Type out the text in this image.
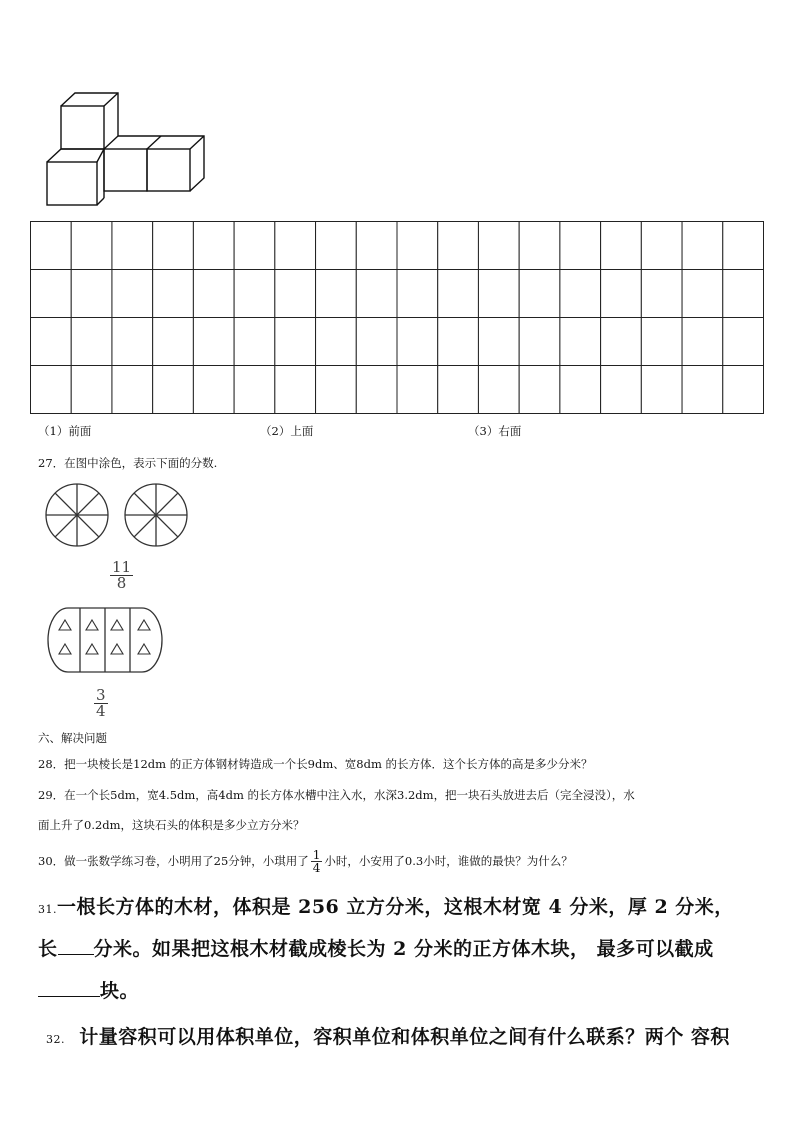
（1）前面	（2）上面	（3）右面
27．在图中涂色，表示下面的分数.
$\frac{11}{8}$
$\frac{3}{4}$
六、解决问题
28．把一块棱长是12dm 的正方体钢材铸造成一个长9dm、宽8dm 的长方体．这个长方体的高是多少分米？
29．在一个长5dm，宽4.5dm，高4dm 的长方体水槽中注入水，水深3.2dm，把一块石头放进去后（完全浸没），水
面上升了0.2dm，这块石头的体积是多少立方分米？
30．做一张数学练习卷，小明用了25分钟，小琪用了 $\frac{1}{4}$ 小时，小安用了0.3小时，谁做的最快？为什么？
31.一根长方体的木材，体积是 256 立方分米，这根木材宽 4 分米，厚 2 分米，
长 分米。如果把这根木材截成棱长为 2 分米的正方体木块， 最多可以截成
块。
32. 计量容积可以用体积单位，容积单位和体积单位之间有什么联系？两个 容积
